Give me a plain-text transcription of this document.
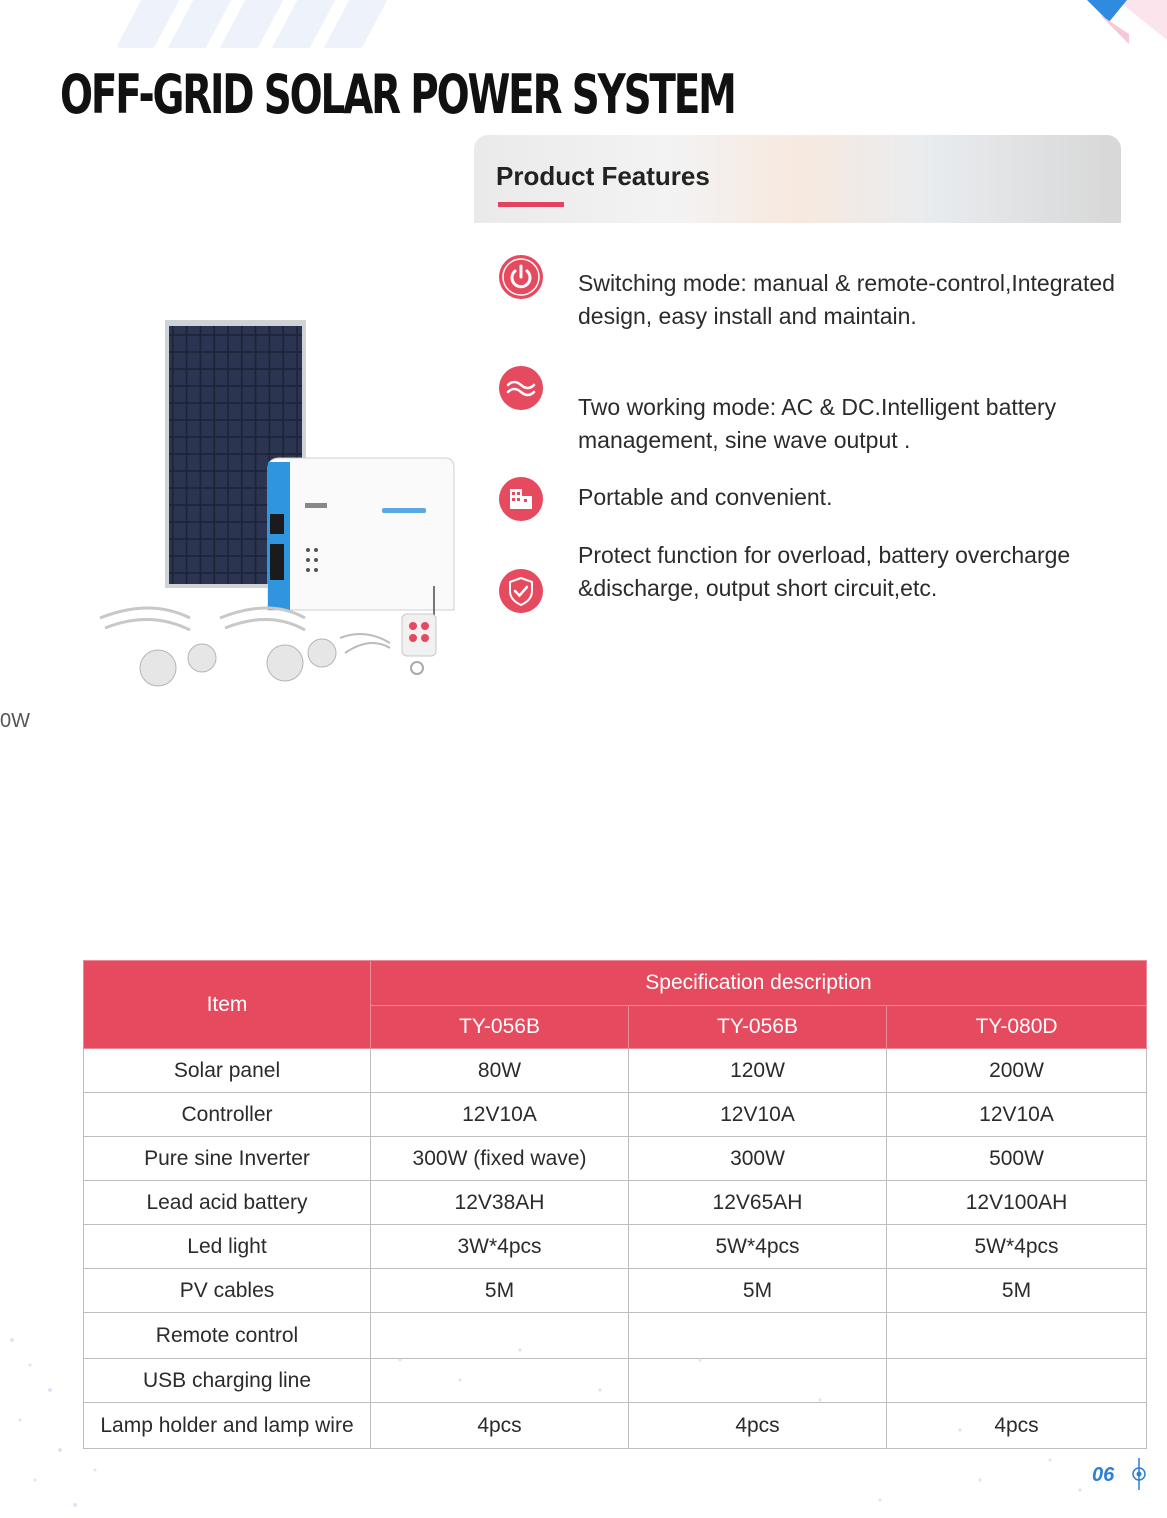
OFF-GRID SOLAR POWER SYSTEM
Product Features
Switching mode: manual & remote-control,Integrated design, easy install and maintain.
Two working mode: AC & DC.Intelligent battery management, sine wave output .
Portable and convenient.
Protect function for overload, battery overcharge &discharge, output short circuit,etc.
0W
Item	Specification description		
	TY-056B	TY-056B	TY-080D
Solar panel	80W	120W	200W
Controller	12V10A	12V10A	12V10A
Pure sine Inverter	300W (fixed wave)	300W	500W
Lead acid battery	12V38AH	12V65AH	12V100AH
Led light	3W*4pcs	5W*4pcs	5W*4pcs
PV cables	5M	5M	5M
Remote control			
USB charging line			
Lamp holder and lamp wire	4pcs	4pcs	4pcs
06
